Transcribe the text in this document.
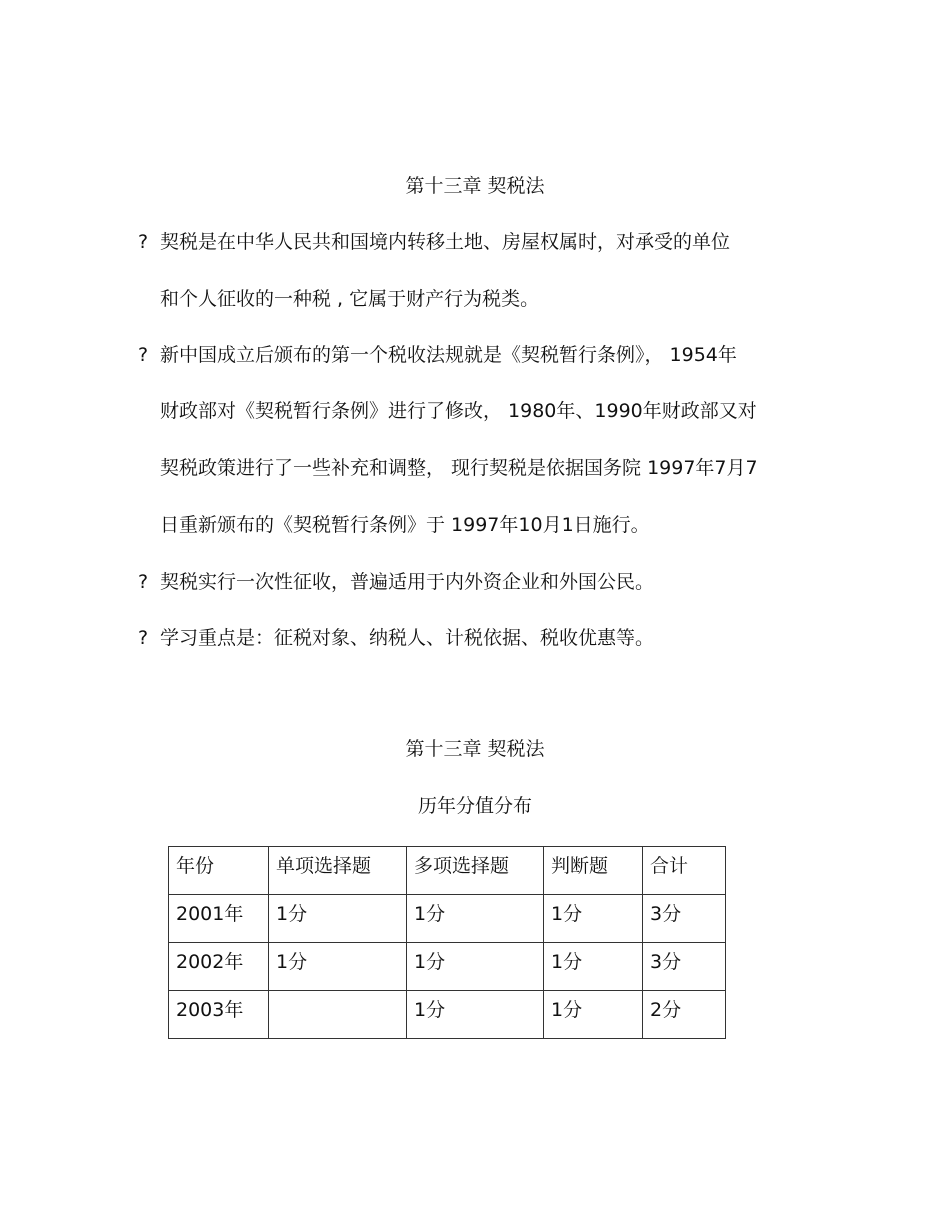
第十三章 契税法
? 契税是在中华人民共和国境内转移土地、房屋权属时，对承受的单位
和个人征收的一种税 , 它属于财产行为税类。
? 新中国成立后颁布的第一个税收法规就是《契税暂行条例》， 1954年
财政部对《契税暂行条例》进行了修改， 1980年、1990年财政部又对
契税政策进行了一些补充和调整， 现行契税是依据国务院 1997年7月7
日重新颁布的《契税暂行条例》于 1997年10月1日施行。
? 契税实行一次性征收，普遍适用于内外资企业和外国公民。
? 学习重点是：征税对象、纳税人、计税依据、税收优惠等。
第十三章 契税法
历年分值分布
年份	单项选择题	多项选择题	判断题	合计
2001年	1分	1分	1分	3分
2002年	1分	1分	1分	3分
2003年		1分	1分	2分
